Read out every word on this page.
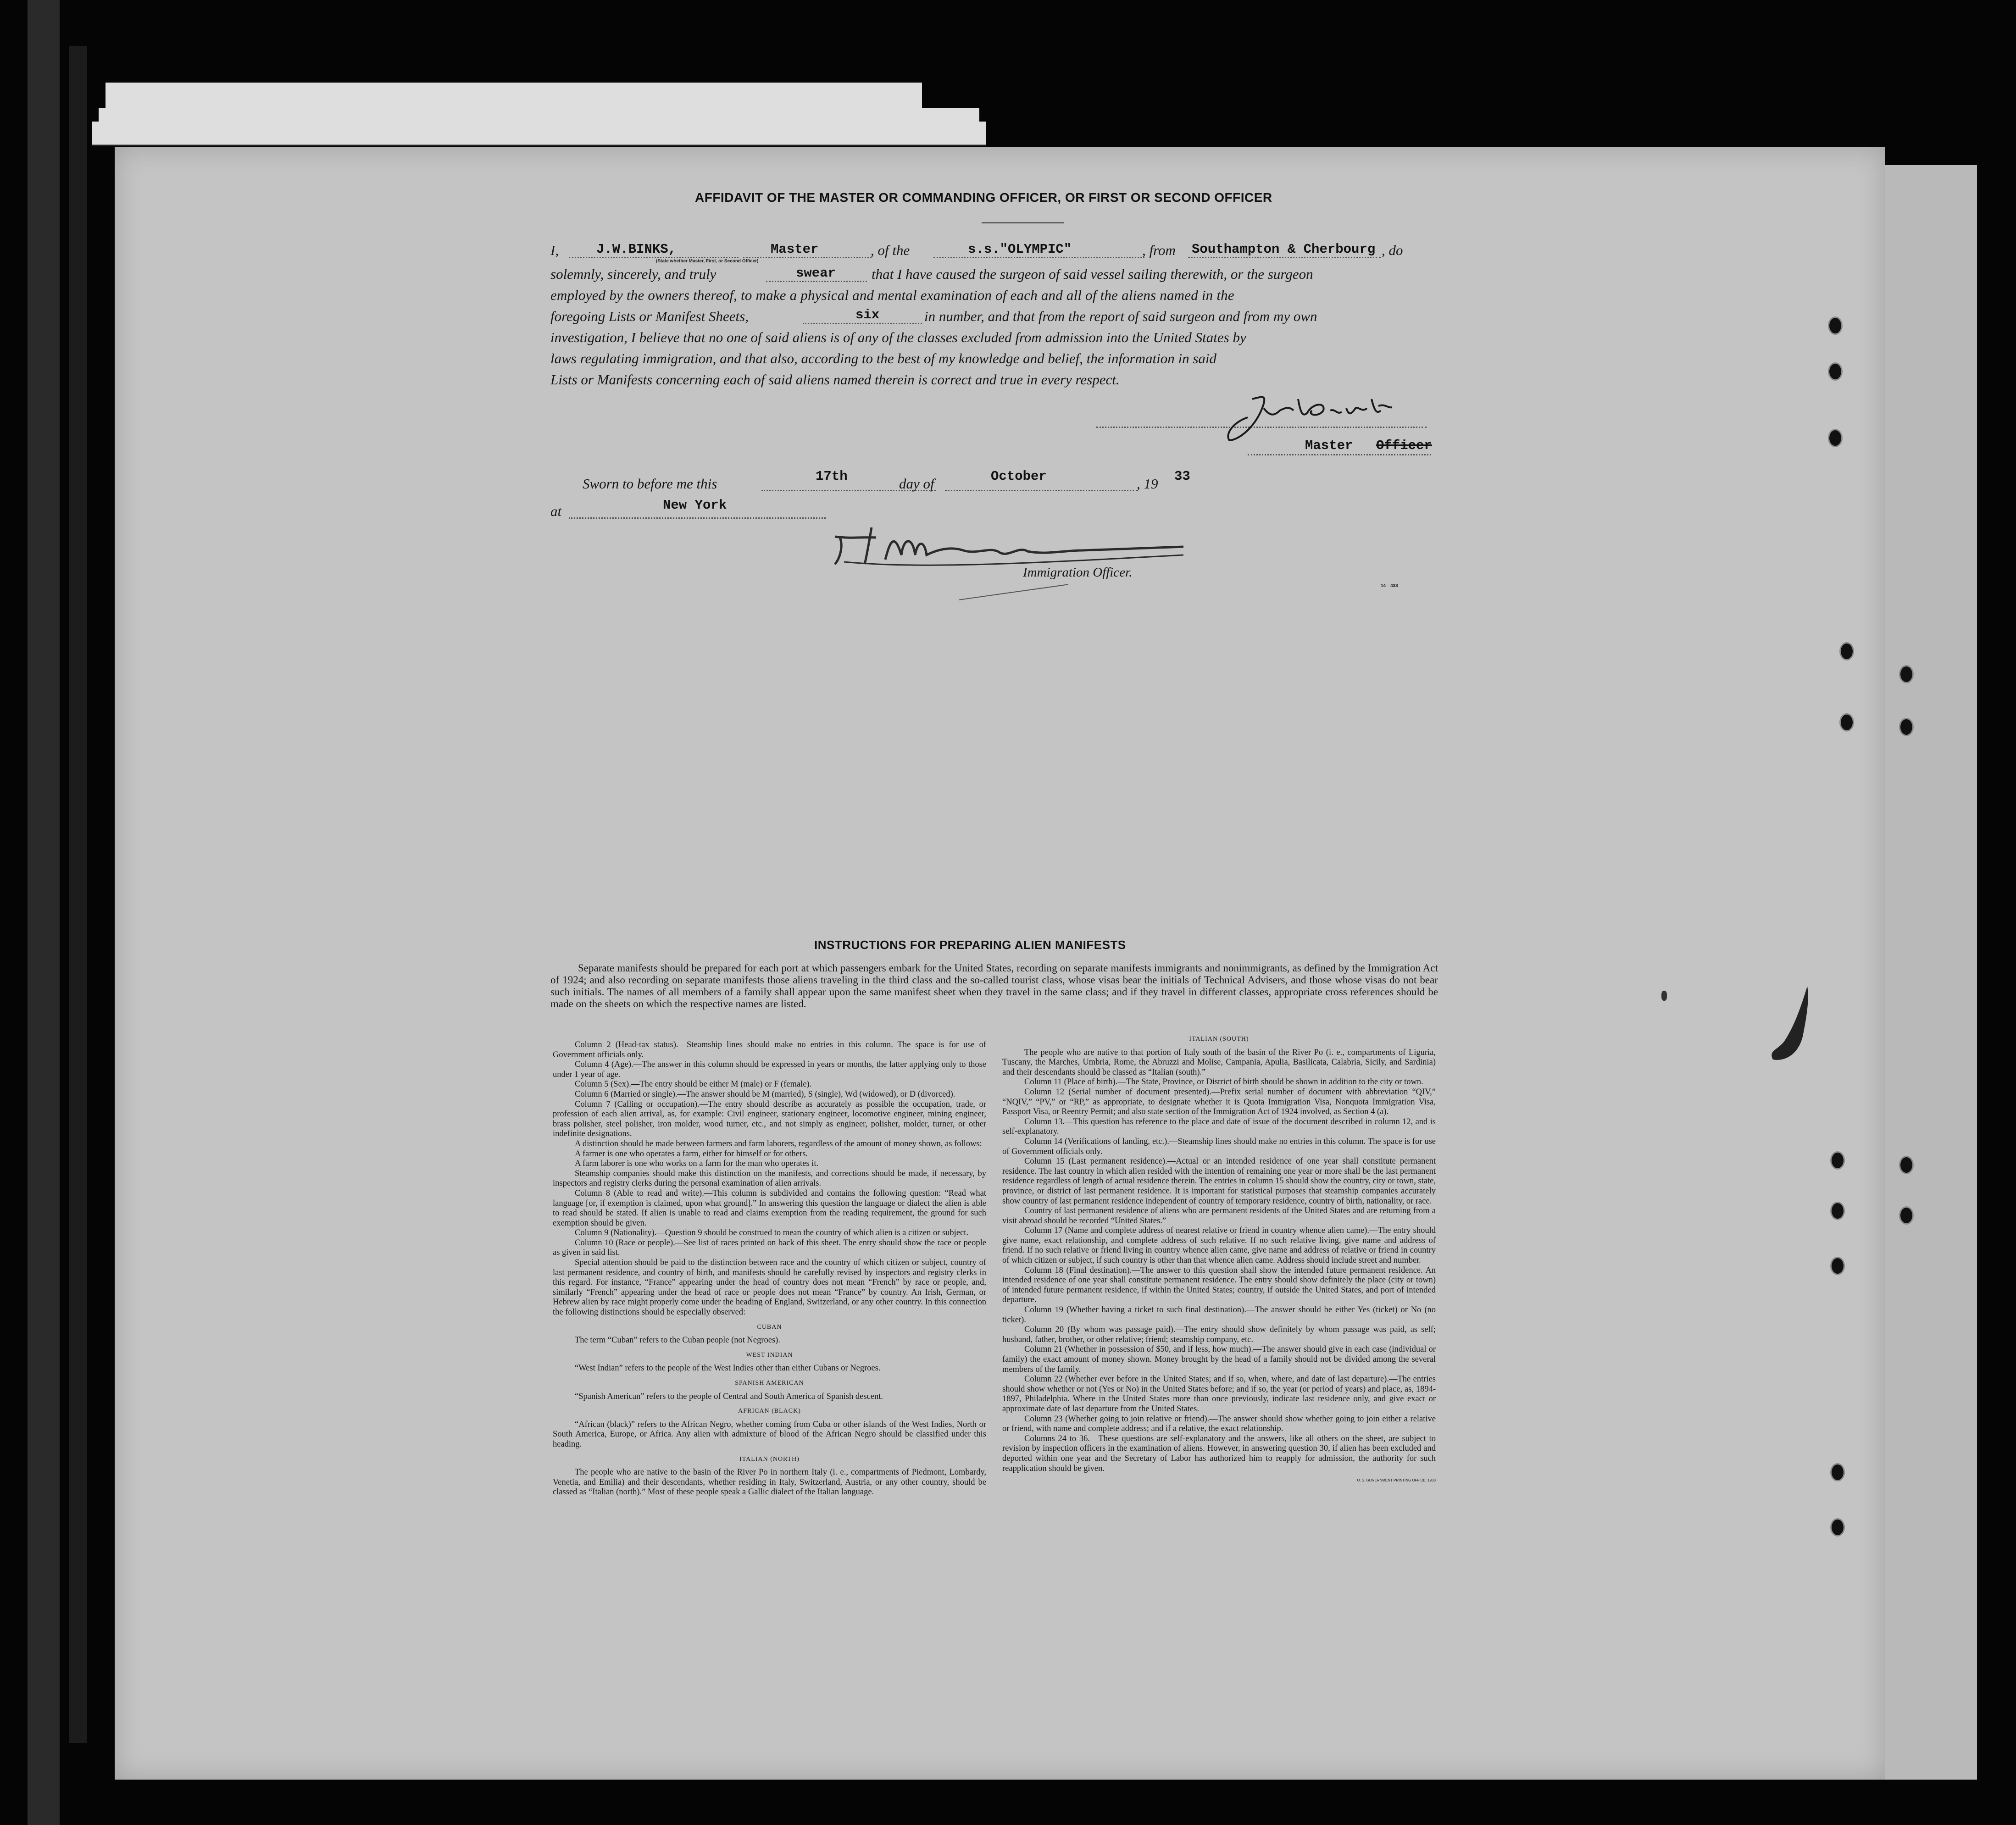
AFFIDAVIT OF THE MASTER OR COMMANDING OFFICER, OR FIRST OR SECOND OFFICER
I,	J.W.BINKS,	Master
(State whether Master, First, or Second Officer)
, of the	s.s."OLYMPIC"	, from Southampton & Cherbourg , do
solemnly, sincerely, and truly	swear	that I have caused the surgeon of said vessel sailing therewith, or the surgeon
employed by the owners thereof, to make a physical and mental examination of each and all of the aliens named in the
foregoing Lists or Manifest Sheets,	six	in number, and that from the report of said surgeon and from my own
investigation, I believe that no one of said aliens is of any of the classes excluded from admission into the United States by
laws regulating immigration, and that also, according to the best of my knowledge and belief, the information in said
Lists or Manifests concerning each of said aliens named therein is correct and true in every respect.
Master Officer
Sworn to before me this	17th	day of	October	, 19 33
at	New York
Immigration Officer.
14—433
INSTRUCTIONS FOR PREPARING ALIEN MANIFESTS

Separate manifests should be prepared for each port at which passengers embark for the United States, recording on separate manifests immigrants and nonimmigrants, as defined by the Immigration Act of 1924; and also recording on separate manifests those aliens traveling in the third class and the so-called tourist class, whose visas bear the initials of Technical Advisers, and those whose visas do not bear such initials. The names of all members of a family shall appear upon the same manifest sheet when they travel in the same class; and if they travel in different classes, appropriate cross references should be made on the sheets on which the respective names are listed.

Column 2 (Head-tax status).—Steamship lines should make no entries in this column. The space is for use of Government officials only.

Column 4 (Age).—The answer in this column should be expressed in years or months, the latter applying only to those under 1 year of age.

Column 5 (Sex).—The entry should be either M (male) or F (female).

Column 6 (Married or single).—The answer should be M (married), S (single), Wd (widowed), or D (divorced).

Column 7 (Calling or occupation).—The entry should describe as accurately as possible the occupation, trade, or profession of each alien arrival, as, for example: Civil engineer, stationary engineer, locomotive engineer, mining engineer, brass polisher, steel polisher, iron molder, wood turner, etc., and not simply as engineer, polisher, molder, turner, or other indefinite designations.

A distinction should be made between farmers and farm laborers, regardless of the amount of money shown, as follows:

A farmer is one who operates a farm, either for himself or for others.

A farm laborer is one who works on a farm for the man who operates it.

Steamship companies should make this distinction on the manifests, and corrections should be made, if necessary, by inspectors and registry clerks during the personal examination of alien arrivals.

Column 8 (Able to read and write).—This column is subdivided and contains the following question: “Read what language [or, if exemption is claimed, upon what ground].” In answering this question the language or dialect the alien is able to read should be stated. If alien is unable to read and claims exemption from the reading requirement, the ground for such exemption should be given.

Column 9 (Nationality).—Question 9 should be construed to mean the country of which alien is a citizen or subject.

Column 10 (Race or people).—See list of races printed on back of this sheet. The entry should show the race or people as given in said list.

Special attention should be paid to the distinction between race and the country of which citizen or subject, country of last permanent residence, and country of birth, and manifests should be carefully revised by inspectors and registry clerks in this regard. For instance, “France” appearing under the head of country does not mean “French” by race or people, and, similarly “French” appearing under the head of race or people does not mean “France” by country. An Irish, German, or Hebrew alien by race might properly come under the heading of England, Switzerland, or any other country. In this connection the following distinctions should be especially observed:

CUBAN

The term “Cuban” refers to the Cuban people (not Negroes).

WEST INDIAN

“West Indian” refers to the people of the West Indies other than either Cubans or Negroes.

SPANISH AMERICAN

“Spanish American” refers to the people of Central and South America of Spanish descent.

AFRICAN (BLACK)

“African (black)” refers to the African Negro, whether coming from Cuba or other islands of the West Indies, North or South America, Europe, or Africa. Any alien with admixture of blood of the African Negro should be classified under this heading.

ITALIAN (NORTH)

The people who are native to the basin of the River Po in northern Italy (i. e., compartments of Piedmont, Lombardy, Venetia, and Emilia) and their descendants, whether residing in Italy, Switzerland, Austria, or any other country, should be classed as “Italian (north).” Most of these people speak a Gallic dialect of the Italian language.

ITALIAN (SOUTH)

The people who are native to that portion of Italy south of the basin of the River Po (i. e., compartments of Liguria, Tuscany, the Marches, Umbria, Rome, the Abruzzi and Molise, Campania, Apulia, Basilicata, Calabria, Sicily, and Sardinia) and their descendants should be classed as “Italian (south).”

Column 11 (Place of birth).—The State, Province, or District of birth should be shown in addition to the city or town.

Column 12 (Serial number of document presented).—Prefix serial number of document with abbreviation “QIV,” “NQIV,” “PV,” or “RP,” as appropriate, to designate whether it is Quota Immigration Visa, Nonquota Immigration Visa, Passport Visa, or Reentry Permit; and also state section of the Immigration Act of 1924 involved, as Section 4 (a).

Column 13.—This question has reference to the place and date of issue of the document described in column 12, and is self-explanatory.

Column 14 (Verifications of landing, etc.).—Steamship lines should make no entries in this column. The space is for use of Government officials only.

Column 15 (Last permanent residence).—Actual or an intended residence of one year shall constitute permanent residence. The last country in which alien resided with the intention of remaining one year or more shall be the last permanent residence regardless of length of actual residence therein. The entries in column 15 should show the country, city or town, state, province, or district of last permanent residence. It is important for statistical purposes that steamship companies accurately show country of last permanent residence independent of country of temporary residence, country of birth, nationality, or race.

Country of last permanent residence of aliens who are permanent residents of the United States and are returning from a visit abroad should be recorded “United States.”

Column 17 (Name and complete address of nearest relative or friend in country whence alien came).—The entry should give name, exact relationship, and complete address of such relative. If no such relative living, give name and address of friend. If no such relative or friend living in country whence alien came, give name and address of relative or friend in country of which citizen or subject, if such country is other than that whence alien came. Address should include street and number.

Column 18 (Final destination).—The answer to this question shall show the intended future permanent residence. An intended residence of one year shall constitute permanent residence. The entry should show definitely the place (city or town) of intended future permanent residence, if within the United States; country, if outside the United States, and port of intended departure.

Column 19 (Whether having a ticket to such final destination).—The answer should be either Yes (ticket) or No (no ticket).

Column 20 (By whom was passage paid).—The entry should show definitely by whom passage was paid, as self; husband, father, brother, or other relative; friend; steamship company, etc.

Column 21 (Whether in possession of $50, and if less, how much).—The answer should give in each case (individual or family) the exact amount of money shown. Money brought by the head of a family should not be divided among the several members of the family.

Column 22 (Whether ever before in the United States; and if so, when, where, and date of last departure).—The entries should show whether or not (Yes or No) in the United States before; and if so, the year (or period of years) and place, as, 1894-1897, Philadelphia. Where in the United States more than once previously, indicate last residence only, and give exact or approximate date of last departure from the United States.

Column 23 (Whether going to join relative or friend).—The answer should show whether going to join either a relative or friend, with name and complete address; and if a relative, the exact relationship.

Columns 24 to 36.—These questions are self-explanatory and the answers, like all others on the sheet, are subject to revision by inspection officers in the examination of aliens. However, in answering question 30, if alien has been excluded and deported within one year and the Secretary of Labor has authorized him to reapply for admission, the authority for such reapplication should be given.

U. S. GOVERNMENT PRINTING OFFICE: 1933
